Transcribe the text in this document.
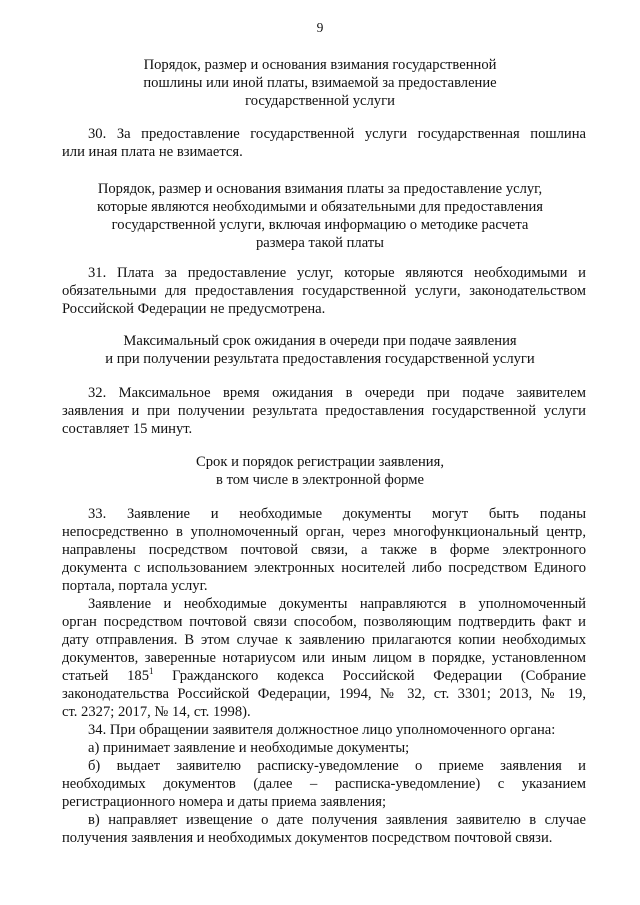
9
Порядок, размер и основания взимания государственной
пошлины или иной платы, взимаемой за предоставление
государственной услуги
30. За предоставление государственной услуги государственная пошлина
или иная плата не взимается.
Порядок, размер и основания взимания платы за предоставление услуг,
которые являются необходимыми и обязательными для предоставления
государственной услуги, включая информацию о методике расчета
размера такой платы
31. Плата за предоставление услуг, которые являются необходимыми и
обязательными для предоставления государственной услуги, законодательством
Российской Федерации не предусмотрена.
Максимальный срок ожидания в очереди при подаче заявления
и при получении результата предоставления государственной услуги
32. Максимальное время ожидания в очереди при подаче заявителем
заявления и при получении результата предоставления государственной услуги
составляет 15 минут.
Срок и порядок регистрации заявления,
в том числе в электронной форме
33. Заявление и необходимые документы могут быть поданы
непосредственно в уполномоченный орган, через многофункциональный центр,
направлены посредством почтовой связи, а также в форме электронного
документа с использованием электронных носителей либо посредством Единого
портала, портала услуг.
Заявление и необходимые документы направляются в уполномоченный
орган посредством почтовой связи способом, позволяющим подтвердить факт и
дату отправления. В этом случае к заявлению прилагаются копии необходимых
документов, заверенные нотариусом или иным лицом в порядке, установленном
статьей $185^1$ Гражданского кодекса Российской Федерации (Собрание
законодательства Российской Федерации, 1994, № 32, ст. 3301; 2013, № 19,
ст. 2327; 2017, № 14, ст. 1998).
34. При обращении заявителя должностное лицо уполномоченного органа:
а) принимает заявление и необходимые документы;
б) выдает заявителю расписку-уведомление о приеме заявления и
необходимых документов (далее – расписка-уведомление) с указанием
регистрационного номера и даты приема заявления;
в) направляет извещение о дате получения заявления заявителю в случае
получения заявления и необходимых документов посредством почтовой связи.
